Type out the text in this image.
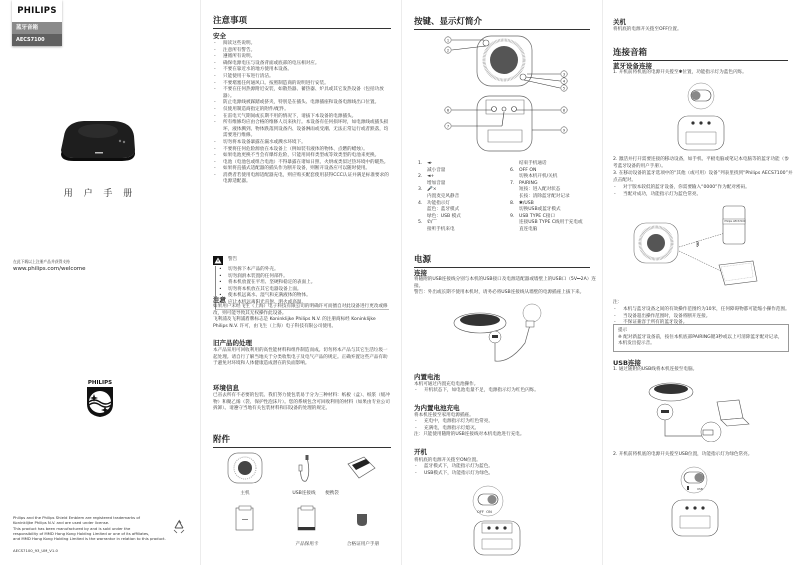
PHILIPS
蓝牙音箱
AECS7100
用 户 手 册
在此下载以上注册产品并获得支持
www.philips.com/welcome
PHILIPS
Philips and the Philips Shield Emblem are registered trademarks of
Koninklijke Philips N.V. and are used under license.
This product has been manufactured by and is sold under the
responsibility of MMD Hong Kong Holding Limited or one of its affiliates,
and MMD Hong Kong Holding Limited is the warrantor in relation to this product.
AECS7100_93_UM_V1.0
注意事项
安全
- 阅读这些说明。
- 注意所有警告。
- 遵循所有说明。
- 确保电源电压与设备背面或底部的电压相对应。
- 不要在靠近水的地方使用本设备。
- 只能使用干布进行清洁。
- 不要堵塞任何通风口。按照制造商的说明进行安装。
- 不要在任何热源附近安装，如散热器、蓄热器、炉具或其它发热设备（包括功放器）。
- 防止电源线被踩踏或挤夹，特别是在插头、电源插座和设备电源线出口位置。
- 仅使用制造商指定的附件/配件。
- 在雷电天气期间或长期不用的情况下，请拔下本设备的电源插头。
- 所有维修均应由合格的维修人员来执行。本设备有任何损坏时，如电源线或插头损坏，液体溅到、物体跌落到设备内、设备淋雨或受潮、无法正常运行或者跌落，均需要进行维修。
- 切勿将本设备暴露在漏水或溅水环境下。
- 不要将任何危险源放在本设备上（例如装有液体的物体、点燃的蜡烛）。
- 如果电池更换不当会有爆炸危险，只能用同样类型或等效类型的电池来更换。
- 电池（电池包或组合电池）不得暴露在诸如日照、火烘或类似过热环境中的暖热。
- 如果将直插式适配器的插头作为断开设备，则断开设备应可以随时使用。
- 消费者若使用电源适配器充电，则应购买配套使用获得CCC认证并满足标准要求的电源适配器。
警告
• 切勿拆下本产品的外壳。
• 切勿润滑本装置的任何部件。
• 将本机放置在平坦、坚硬和稳定的表面上。
• 切勿将本机放在其它电器设备上面。
• 使本机远离水、湿气和充满液体的物体。
• 应让本机远离阳光直射、明火或高温。
注意
如果用户未经飞生（上海）电子科技有限公司的明确许可而擅自对此设备进行更改或修改，则可能导致其无权操作此设备。
飞利浦及飞利浦盾牌标志是 Koninklijke Philips N.V. 的注册商标经 Koninklijke Philips N.V. 许可，由飞生（上海）电子科技有限公司使用。
旧产品的处理
本产品采用可回收利用的高性能材料和组件制造而成。切勿将本产品与其它生活垃圾一起处理。请自行了解当地关于分类收集电子及电气产品的规定。正确弃置这些产品有助于避免对环境和人体健康造成潜在的负面影响。
环境信息
已省去所有不必要的包装。我们努力使包装易于分为三种材料：纸板（盒）、纸浆（缓冲物）和聚乙烯（袋、保护性泡沫片）。您的系统包含可回收利用的材料（如果由专业公司拆卸）。请遵守当地有关包装材料和旧设备的处理的规定。
附件
主机	USB连接线	便携袋
产品保用卡	合格证用户手册
按键、显示灯简介
1
2
3
4
5
6
7
8
9
1. ◄-
减小音量
2. ◄+
增加音量
3. 🎤×
内置麦克风静音
4. 功能指示灯
蓝色：蓝牙模式
绿色：USB 模式
5. ✆/⌒
接听手机来电
结束手机通话
6. OFF ON
切换本机开机/关机
7. PAIRING
短按：进入配对状态
长按：清除蓝牙配对记录
8. ✱/USB
切换USB或蓝牙模式
9. USB TYPE C接口
连接USB TYPE C线用于充电或
直连电脑
电源
连接
将随附的USB连接线分别与本机的USB接口及电源适配器或墙壁上的USB口（5V⎓2A）连接。
警告：外出或长期不使用本机时，请务必将USB连接线从墙壁的电源插座上拔下来。
内置电池
本机可通过内置充电电池操作。
- 开机状态下，如电池电量不足，电源指示灯为红色闪烁。
为内置电池充电
将本机连接至家用电源插座。
- 充电中，电源指示灯为红色常亮。
- 充满电，电源指示灯熄灭。
注：只能使用随附的USB连接线对本机电池进行充电。
开机
将机底的电源开关拨至ON位置。
- 蓝牙模式下，功能指示灯为蓝色。
- USB模式下，功能指示灯为绿色。
OFF  ON
关机
将机底的电源开关拨至OFF位置。
连接音箱
蓝牙设备连接
1. 开机前将机底的电源开关拨至✱位置，功能指示灯为蓝色闪烁。
2. 激活并打开需要连接的移动设备，如手机、平板电脑或笔记本电脑等的蓝牙功能（参考蓝牙设备的用户手册）。
3. 在移动设备的蓝牙选项中的“其他（或可用）设备”列表里找到“Philips AECS7100”并点击配对。
- 对于版本较低的蓝牙设备，你需要输入“0000”作为配对密码。
- 当配对成功，功能指示灯为蓝色常亮。
Philips AECS7100
注：
- 本机与蓝牙设备之间的有效操作范围约为10米，任何障碍物都可能缩小操作范围。
- 当设备超出操作范围时，设备将断开连接。
- 不保证兼容于所有的蓝牙设备。
提示
※ 配对新蓝牙设备前，按住本机底部PAIRING键3秒或以上可清除蓝牙配对记录，本机发出提示音。
USB连接
1. 通过随附的USB线将本机连接至电脑。
2. 开机前将机底的电源开关拨至USB位置，功能指示灯为绿色常亮。
USB
